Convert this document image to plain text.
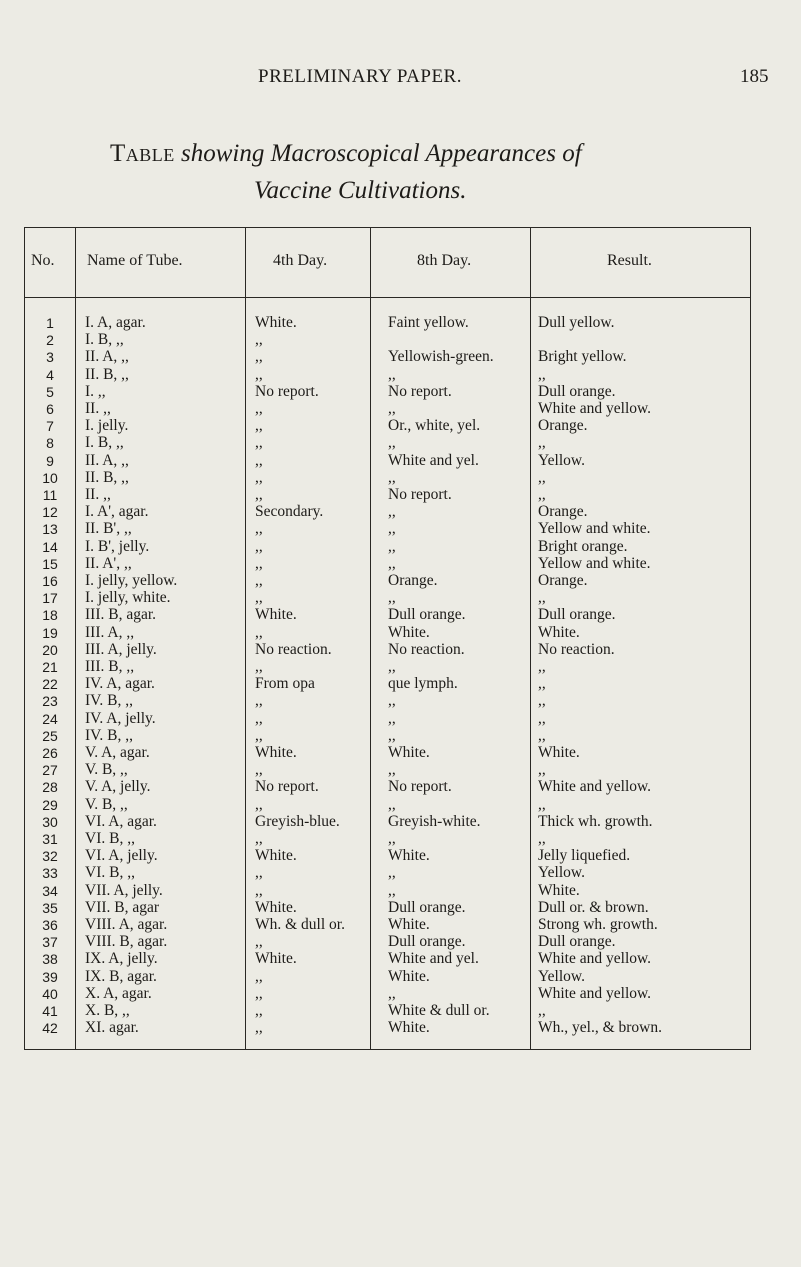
PRELIMINARY PAPER.	185
Table showing Macroscopical Appearances of
Vaccine Cultivations.
No. Name of Tube.	4th Day.	8th Day.	Result.
1	I. A, agar.	White.	Faint yellow.	Dull yellow.
2	I. B, ,,	,,
3	II. A, ,,	,,	Yellowish-green.	Bright yellow.
4	II. B, ,,	,,	,,	,,
5	I. ,,	No report.	No report.	Dull orange.
6	II. ,,	,,	,,	White and yellow.
7	I. jelly.	,,	Or., white, yel.	Orange.
8	I. B, ,,	,,	,,	,,
9	II. A, ,,	,,	White and yel.	Yellow.
10	II. B, ,,	,,	,,	,,
11	II. ,,	,,	No report.	,,
12	I. A', agar.	Secondary.	,,	Orange.
13	II. B', ,,	,,	,,	Yellow and white.
14	I. B', jelly.	,,	,,	Bright orange.
15	II. A', ,,	,,	,,	Yellow and white.
16	I. jelly, yellow.	,,	Orange.	Orange.
17	I. jelly, white.	,,	,,	,,
18	III. B, agar.	White.	Dull orange.	Dull orange.
19	III. A, ,,	,,	White.	White.
20	III. A, jelly.	No reaction.	No reaction.	No reaction.
21	III. B, ,,	,,	,,	,,
22	IV. A, agar.	From opa	que lymph.	,,
23	IV. B, ,,	,,	,,	,,
24	IV. A, jelly.	,,	,,	,,
25	IV. B, ,,	,,	,,	,,
26	V. A, agar.	White.	White.	White.
27	V. B, ,,	,,	,,	,,
28	V. A, jelly.	No report.	No report.	White and yellow.
29	V. B, ,,	,,	,,	,,
30	VI. A, agar.	Greyish-blue.	Greyish-white.	Thick wh. growth.
31	VI. B, ,,	,,	,,	,,
32	VI. A, jelly.	White.	White.	Jelly liquefied.
33	VI. B, ,,	,,	,,	Yellow.
34	VII. A, jelly.	,,	,,	White.
35	VII. B, agar	White.	Dull orange.	Dull or. & brown.
36	VIII. A, agar.	Wh. & dull or.	White.	Strong wh. growth.
37	VIII. B, agar.	,,	Dull orange.	Dull orange.
38	IX. A, jelly.	White.	White and yel.	White and yellow.
39	IX. B, agar.	,,	White.	Yellow.
40	X. A, agar.	,,	,,	White and yellow.
41	X. B, ,,	,,	White & dull or.	,,
42	XI. agar.	,,	White.	Wh., yel., & brown.
